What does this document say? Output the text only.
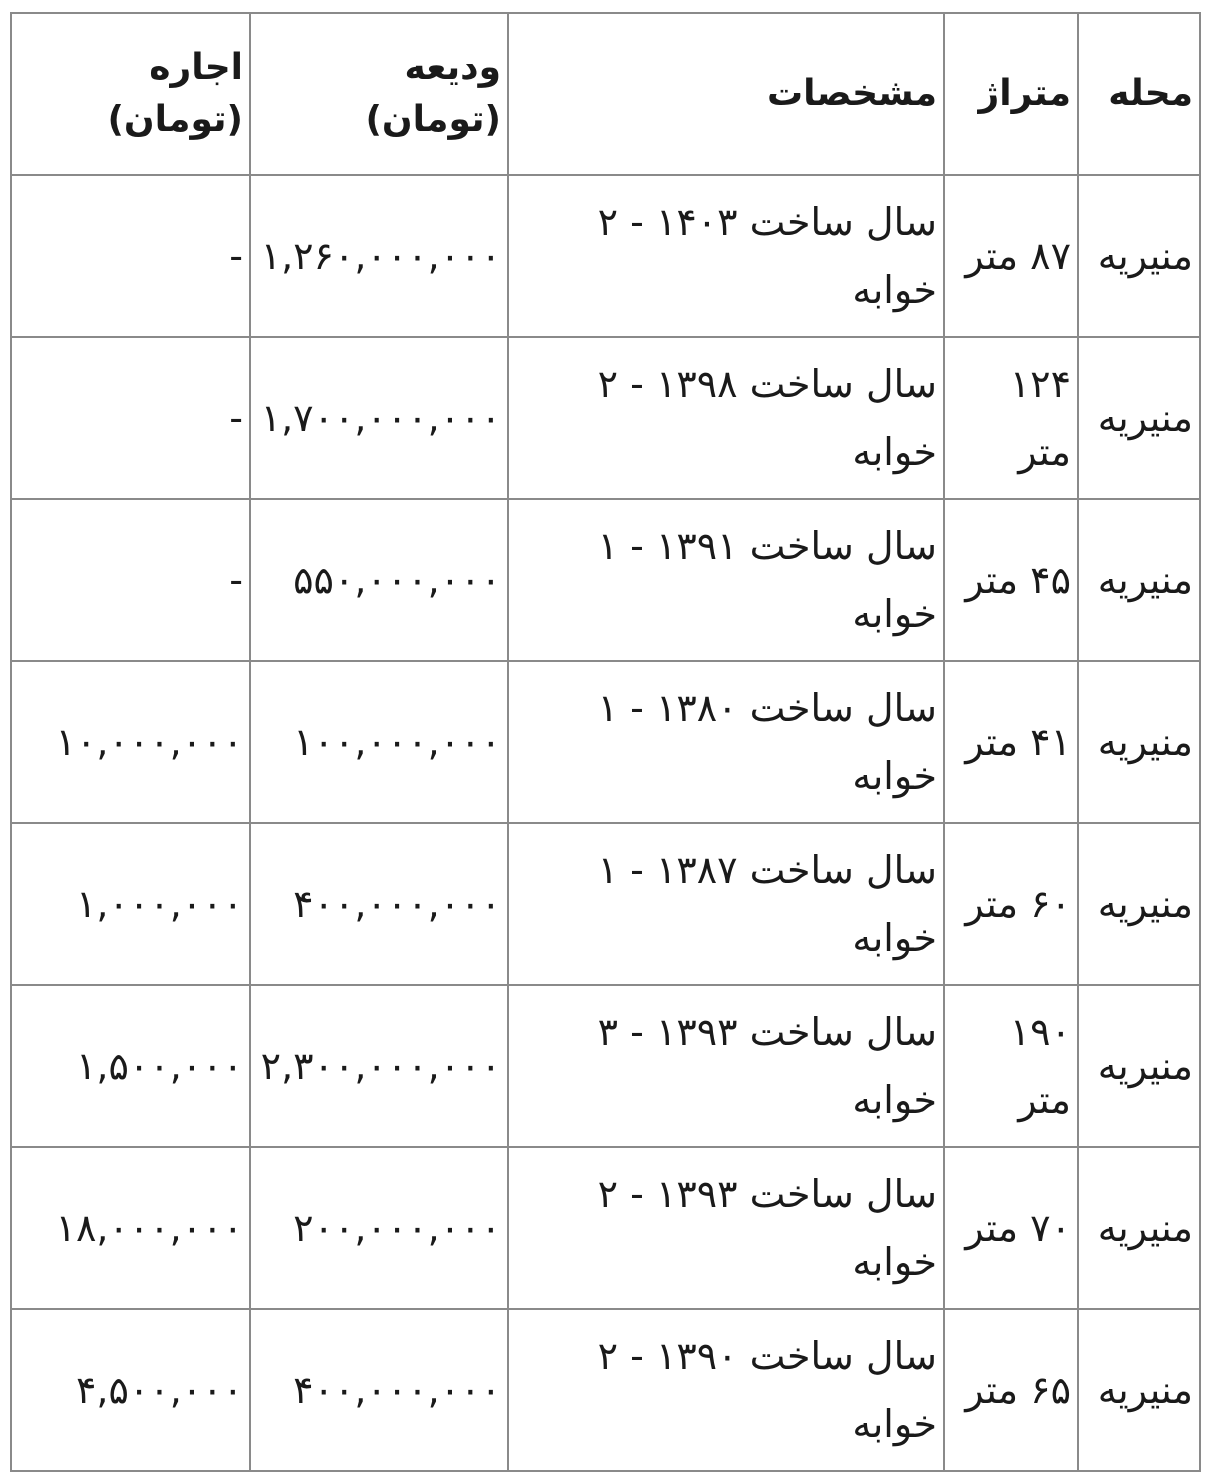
محله	متراژ	مشخصات	ودیعه (تومان)	اجاره (تومان)
منیریه	۸۷ متر	سال ساخت ۱۴۰۳ - ۲ خوابه	۱,۲۶۰,۰۰۰,۰۰۰	-
منیریه	۱۲۴ متر	سال ساخت ۱۳۹۸ - ۲ خوابه	۱,۷۰۰,۰۰۰,۰۰۰	-
منیریه	۴۵ متر	سال ساخت ۱۳۹۱ - ۱ خوابه	۵۵۰,۰۰۰,۰۰۰	-
منیریه	۴۱ متر	سال ساخت ۱۳۸۰ - ۱ خوابه	۱۰۰,۰۰۰,۰۰۰	۱۰,۰۰۰,۰۰۰
منیریه	۶۰ متر	سال ساخت ۱۳۸۷ - ۱ خوابه	۴۰۰,۰۰۰,۰۰۰	۱,۰۰۰,۰۰۰
منیریه	۱۹۰ متر	سال ساخت ۱۳۹۳ - ۳ خوابه	۲,۳۰۰,۰۰۰,۰۰۰	۱,۵۰۰,۰۰۰
منیریه	۷۰ متر	سال ساخت ۱۳۹۳ - ۲ خوابه	۲۰۰,۰۰۰,۰۰۰	۱۸,۰۰۰,۰۰۰
منیریه	۶۵ متر	سال ساخت ۱۳۹۰ - ۲ خوابه	۴۰۰,۰۰۰,۰۰۰	۴,۵۰۰,۰۰۰
